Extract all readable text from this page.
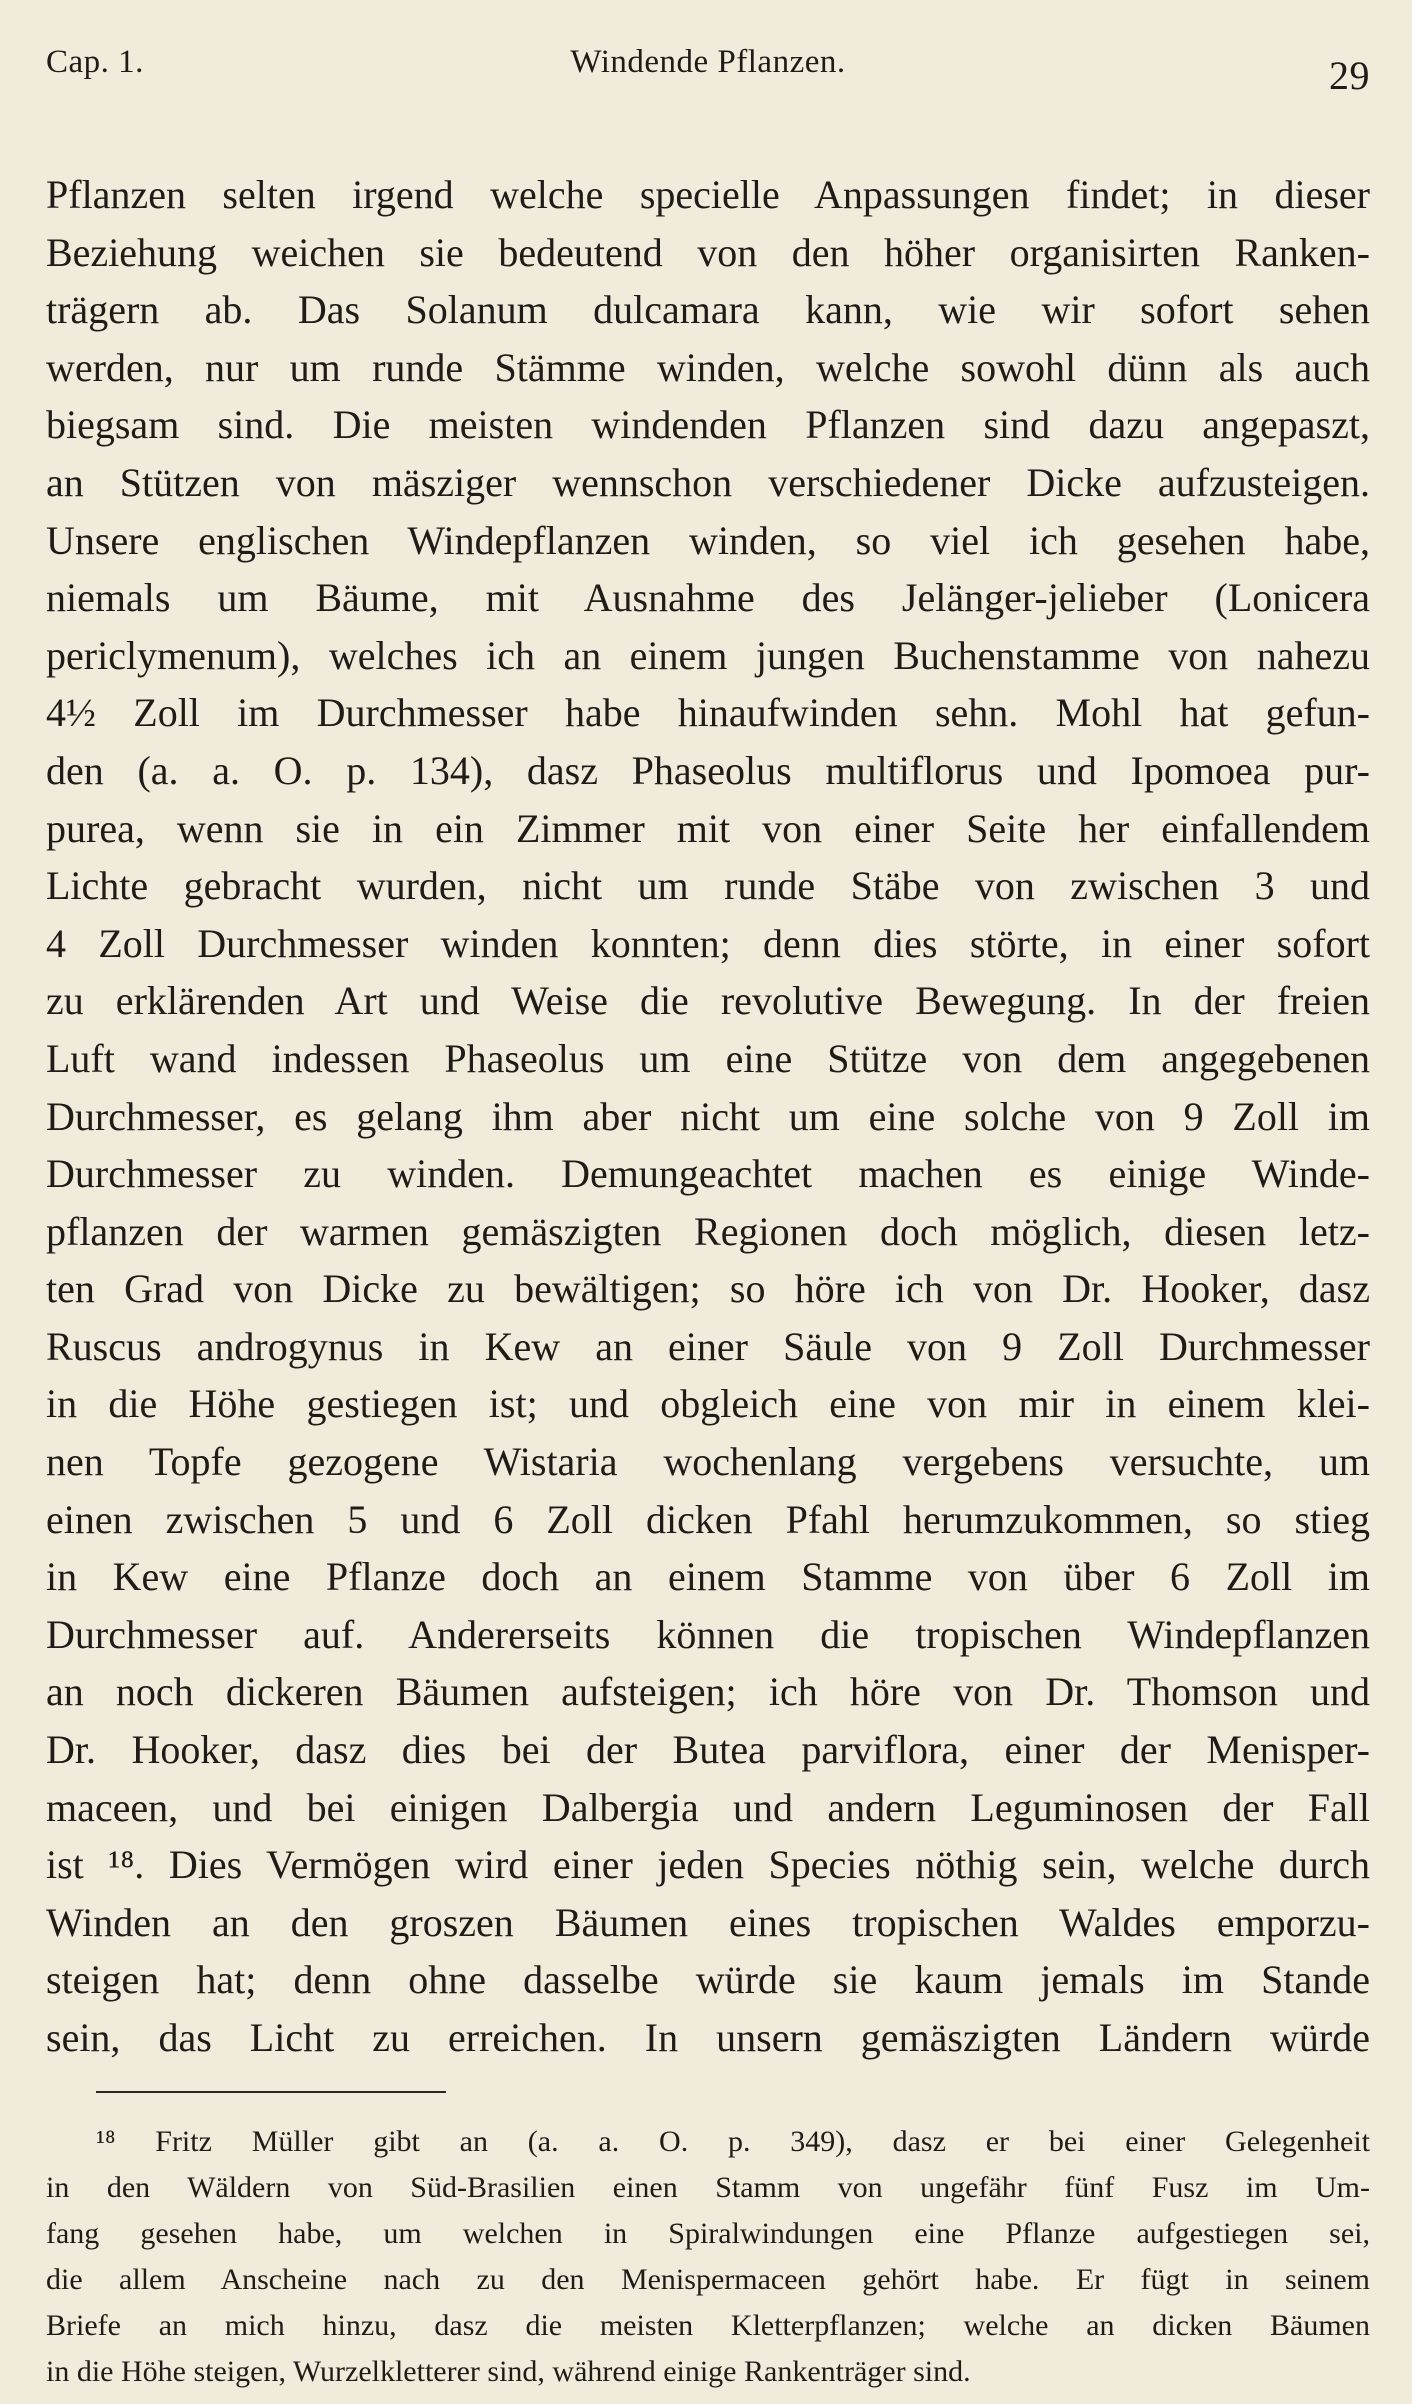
Cap. 1.	Windende Pflanzen.	29
Pflanzen selten irgend welche specielle Anpassungen findet; in dieser
Beziehung weichen sie bedeutend von den höher organisirten Ranken-
trägern ab. Das Solanum dulcamara kann, wie wir sofort sehen
werden, nur um runde Stämme winden, welche sowohl dünn als auch
biegsam sind. Die meisten windenden Pflanzen sind dazu angepaszt,
an Stützen von mäsziger wennschon verschiedener Dicke aufzusteigen.
Unsere englischen Windepflanzen winden, so viel ich gesehen habe,
niemals um Bäume, mit Ausnahme des Jelänger-jelieber (Lonicera
periclymenum), welches ich an einem jungen Buchenstamme von nahezu
4½ Zoll im Durchmesser habe hinaufwinden sehn. Mohl hat gefun-
den (a. a. O. p. 134), dasz Phaseolus multiflorus und Ipomoea pur-
purea, wenn sie in ein Zimmer mit von einer Seite her einfallendem
Lichte gebracht wurden, nicht um runde Stäbe von zwischen 3 und
4 Zoll Durchmesser winden konnten; denn dies störte, in einer sofort
zu erklärenden Art und Weise die revolutive Bewegung. In der freien
Luft wand indessen Phaseolus um eine Stütze von dem angegebenen
Durchmesser, es gelang ihm aber nicht um eine solche von 9 Zoll im
Durchmesser zu winden. Demungeachtet machen es einige Winde-
pflanzen der warmen gemäszigten Regionen doch möglich, diesen letz-
ten Grad von Dicke zu bewältigen; so höre ich von Dr. Hooker, dasz
Ruscus androgynus in Kew an einer Säule von 9 Zoll Durchmesser
in die Höhe gestiegen ist; und obgleich eine von mir in einem klei-
nen Topfe gezogene Wistaria wochenlang vergebens versuchte, um
einen zwischen 5 und 6 Zoll dicken Pfahl herumzukommen, so stieg
in Kew eine Pflanze doch an einem Stamme von über 6 Zoll im
Durchmesser auf. Andererseits können die tropischen Windepflanzen
an noch dickeren Bäumen aufsteigen; ich höre von Dr. Thomson und
Dr. Hooker, dasz dies bei der Butea parviflora, einer der Menisper-
maceen, und bei einigen Dalbergia und andern Leguminosen der Fall
ist ¹⁸. Dies Vermögen wird einer jeden Species nöthig sein, welche durch
Winden an den groszen Bäumen eines tropischen Waldes emporzu-
steigen hat; denn ohne dasselbe würde sie kaum jemals im Stande
sein, das Licht zu erreichen. In unsern gemäszigten Ländern würde
¹⁸ Fritz Müller gibt an (a. a. O. p. 349), dasz er bei einer Gelegenheit
in den Wäldern von Süd-Brasilien einen Stamm von ungefähr fünf Fusz im Um-
fang gesehen habe, um welchen in Spiralwindungen eine Pflanze aufgestiegen sei,
die allem Anscheine nach zu den Menispermaceen gehört habe. Er fügt in seinem
Briefe an mich hinzu, dasz die meisten Kletterpflanzen; welche an dicken Bäumen
in die Höhe steigen, Wurzelkletterer sind, während einige Rankenträger sind.
